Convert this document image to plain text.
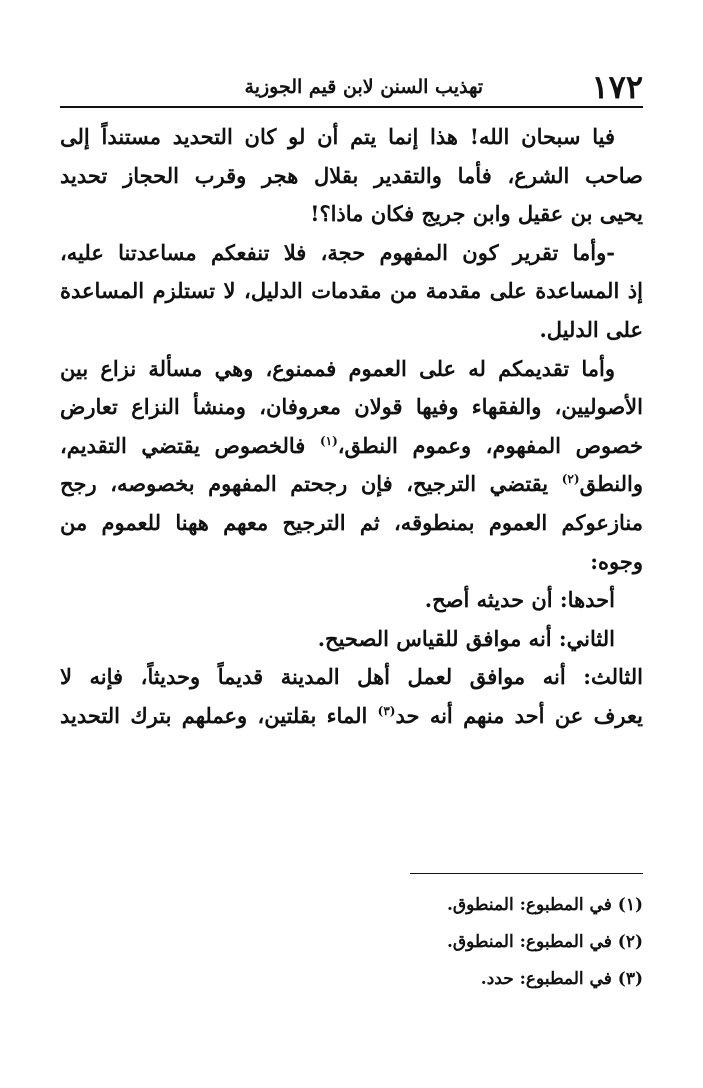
١٧٢
تهذيب السنن لابن قيم الجوزية
فيا سبحان الله! هذا إنما يتم أن لو كان التحديد مستنداً إلى
صاحب الشرع، فأما والتقدير بقلال هجر وقرب الحجاز تحديد
يحيى بن عقيل وابن جريج فكان ماذا؟!
-وأما تقرير كون المفهوم حجة، فلا تنفعكم مساعدتنا عليه،
إذ المساعدة على مقدمة من مقدمات الدليل، لا تستلزم المساعدة
على الدليل.
وأما تقديمكم له على العموم فممنوع، وهي مسألة نزاع بين
الأصوليين، والفقهاء وفيها قولان معروفان، ومنشأ النزاع تعارض
خصوص المفهوم، وعموم النطق،$^{(١)}$ فالخصوص يقتضي التقديم،
والنطق$^{(٢)}$ يقتضي الترجيح، فإن رجحتم المفهوم بخصوصه، رجح
منازعوكم العموم بمنطوقه، ثم الترجيح معهم ههنا للعموم من
وجوه:
أحدها: أن حديثه أصح.
الثاني: أنه موافق للقياس الصحيح.
الثالث: أنه موافق لعمل أهل المدينة قديماً وحديثاً، فإنه لا
يعرف عن أحد منهم أنه حد$^{(٣)}$ الماء بقلتين، وعملهم بترك التحديد
(١) في المطبوع: المنطوق.
(٢) في المطبوع: المنطوق.
(٣) في المطبوع: حدد.
